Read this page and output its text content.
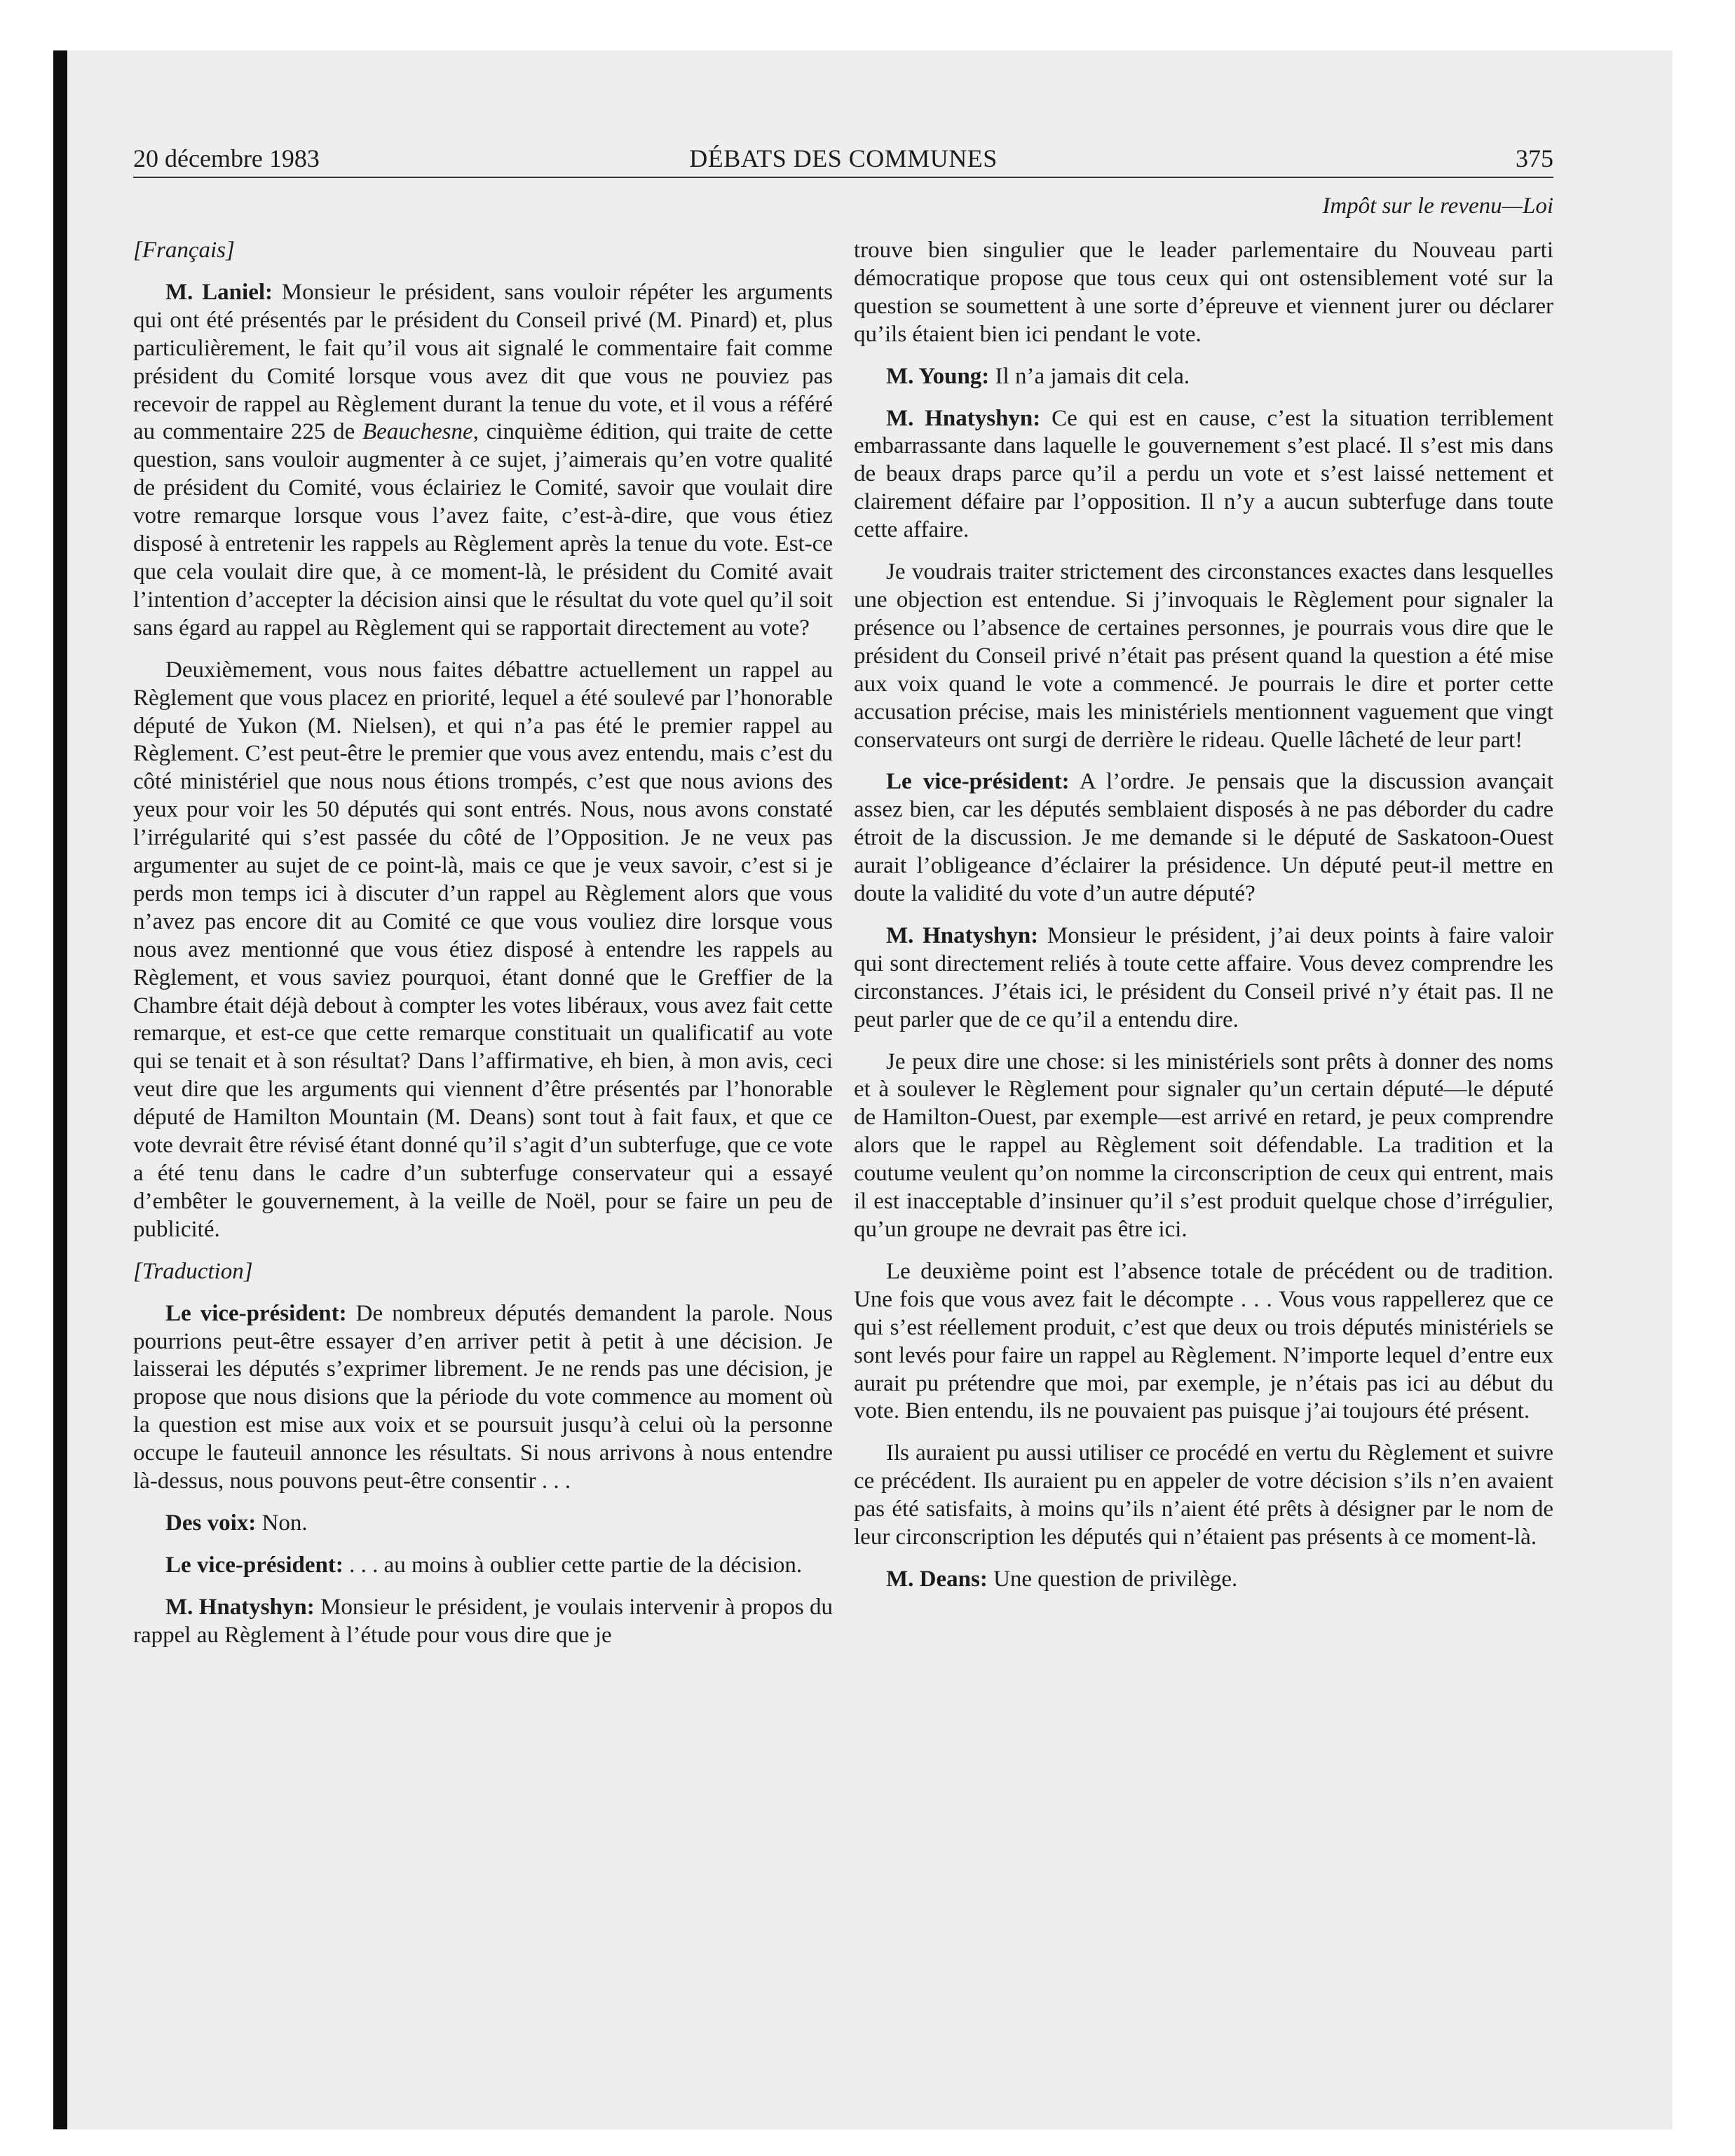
20 décembre 1983	DÉBATS DES COMMUNES	375
Impôt sur le revenu—Loi

[Français]

M. Laniel: Monsieur le président, sans vouloir répéter les arguments qui ont été présentés par le président du Conseil privé (M. Pinard) et, plus particulièrement, le fait qu’il vous ait signalé le commentaire fait comme président du Comité lorsque vous avez dit que vous ne pouviez pas recevoir de rappel au Règlement durant la tenue du vote, et il vous a référé au commentaire 225 de Beauchesne, cinquième édition, qui traite de cette question, sans vouloir augmenter à ce sujet, j’aimerais qu’en votre qualité de président du Comité, vous éclairiez le Comité, savoir que voulait dire votre remarque lorsque vous l’avez faite, c’est-à-dire, que vous étiez disposé à entretenir les rappels au Règlement après la tenue du vote. Est-ce que cela voulait dire que, à ce moment-là, le président du Comité avait l’intention d’accepter la décision ainsi que le résultat du vote quel qu’il soit sans égard au rappel au Règlement qui se rapportait directement au vote?

Deuxièmement, vous nous faites débattre actuellement un rappel au Règlement que vous placez en priorité, lequel a été soulevé par l’honorable député de Yukon (M. Nielsen), et qui n’a pas été le premier rappel au Règlement. C’est peut-être le premier que vous avez entendu, mais c’est du côté ministériel que nous nous étions trompés, c’est que nous avions des yeux pour voir les 50 députés qui sont entrés. Nous, nous avons constaté l’irrégularité qui s’est passée du côté de l’Opposition. Je ne veux pas argumenter au sujet de ce point-là, mais ce que je veux savoir, c’est si je perds mon temps ici à discuter d’un rappel au Règlement alors que vous n’avez pas encore dit au Comité ce que vous vouliez dire lorsque vous nous avez mentionné que vous étiez disposé à entendre les rappels au Règlement, et vous saviez pourquoi, étant donné que le Greffier de la Chambre était déjà debout à compter les votes libéraux, vous avez fait cette remarque, et est-ce que cette remarque constituait un qualificatif au vote qui se tenait et à son résultat? Dans l’affirmative, eh bien, à mon avis, ceci veut dire que les arguments qui viennent d’être présentés par l’honorable député de Hamilton Mountain (M. Deans) sont tout à fait faux, et que ce vote devrait être révisé étant donné qu’il s’agit d’un subterfuge, que ce vote a été tenu dans le cadre d’un subterfuge conservateur qui a essayé d’embêter le gouvernement, à la veille de Noël, pour se faire un peu de publicité.

[Traduction]

Le vice-président: De nombreux députés demandent la parole. Nous pourrions peut-être essayer d’en arriver petit à petit à une décision. Je laisserai les députés s’exprimer librement. Je ne rends pas une décision, je propose que nous disions que la période du vote commence au moment où la question est mise aux voix et se poursuit jusqu’à celui où la personne occupe le fauteuil annonce les résultats. Si nous arrivons à nous entendre là-dessus, nous pouvons peut-être consentir . . .

Des voix: Non.

Le vice-président: . . . au moins à oublier cette partie de la décision.

M. Hnatyshyn: Monsieur le président, je voulais intervenir à propos du rappel au Règlement à l’étude pour vous dire que je

trouve bien singulier que le leader parlementaire du Nouveau parti démocratique propose que tous ceux qui ont ostensiblement voté sur la question se soumettent à une sorte d’épreuve et viennent jurer ou déclarer qu’ils étaient bien ici pendant le vote.

M. Young: Il n’a jamais dit cela.

M. Hnatyshyn: Ce qui est en cause, c’est la situation terriblement embarrassante dans laquelle le gouvernement s’est placé. Il s’est mis dans de beaux draps parce qu’il a perdu un vote et s’est laissé nettement et clairement défaire par l’opposition. Il n’y a aucun subterfuge dans toute cette affaire.

Je voudrais traiter strictement des circonstances exactes dans lesquelles une objection est entendue. Si j’invoquais le Règlement pour signaler la présence ou l’absence de certaines personnes, je pourrais vous dire que le président du Conseil privé n’était pas présent quand la question a été mise aux voix quand le vote a commencé. Je pourrais le dire et porter cette accusation précise, mais les ministériels mentionnent vaguement que vingt conservateurs ont surgi de derrière le rideau. Quelle lâcheté de leur part!

Le vice-président: A l’ordre. Je pensais que la discussion avançait assez bien, car les députés semblaient disposés à ne pas déborder du cadre étroit de la discussion. Je me demande si le député de Saskatoon-Ouest aurait l’obligeance d’éclairer la présidence. Un député peut-il mettre en doute la validité du vote d’un autre député?

M. Hnatyshyn: Monsieur le président, j’ai deux points à faire valoir qui sont directement reliés à toute cette affaire. Vous devez comprendre les circonstances. J’étais ici, le président du Conseil privé n’y était pas. Il ne peut parler que de ce qu’il a entendu dire.

Je peux dire une chose: si les ministériels sont prêts à donner des noms et à soulever le Règlement pour signaler qu’un certain député—le député de Hamilton-Ouest, par exemple—est arrivé en retard, je peux comprendre alors que le rappel au Règlement soit défendable. La tradition et la coutume veulent qu’on nomme la circonscription de ceux qui entrent, mais il est inacceptable d’insinuer qu’il s’est produit quelque chose d’irrégulier, qu’un groupe ne devrait pas être ici.

Le deuxième point est l’absence totale de précédent ou de tradition. Une fois que vous avez fait le décompte . . . Vous vous rappellerez que ce qui s’est réellement produit, c’est que deux ou trois députés ministériels se sont levés pour faire un rappel au Règlement. N’importe lequel d’entre eux aurait pu prétendre que moi, par exemple, je n’étais pas ici au début du vote. Bien entendu, ils ne pouvaient pas puisque j’ai toujours été présent.

Ils auraient pu aussi utiliser ce procédé en vertu du Règlement et suivre ce précédent. Ils auraient pu en appeler de votre décision s’ils n’en avaient pas été satisfaits, à moins qu’ils n’aient été prêts à désigner par le nom de leur circonscription les députés qui n’étaient pas présents à ce moment-là.

M. Deans: Une question de privilège.
